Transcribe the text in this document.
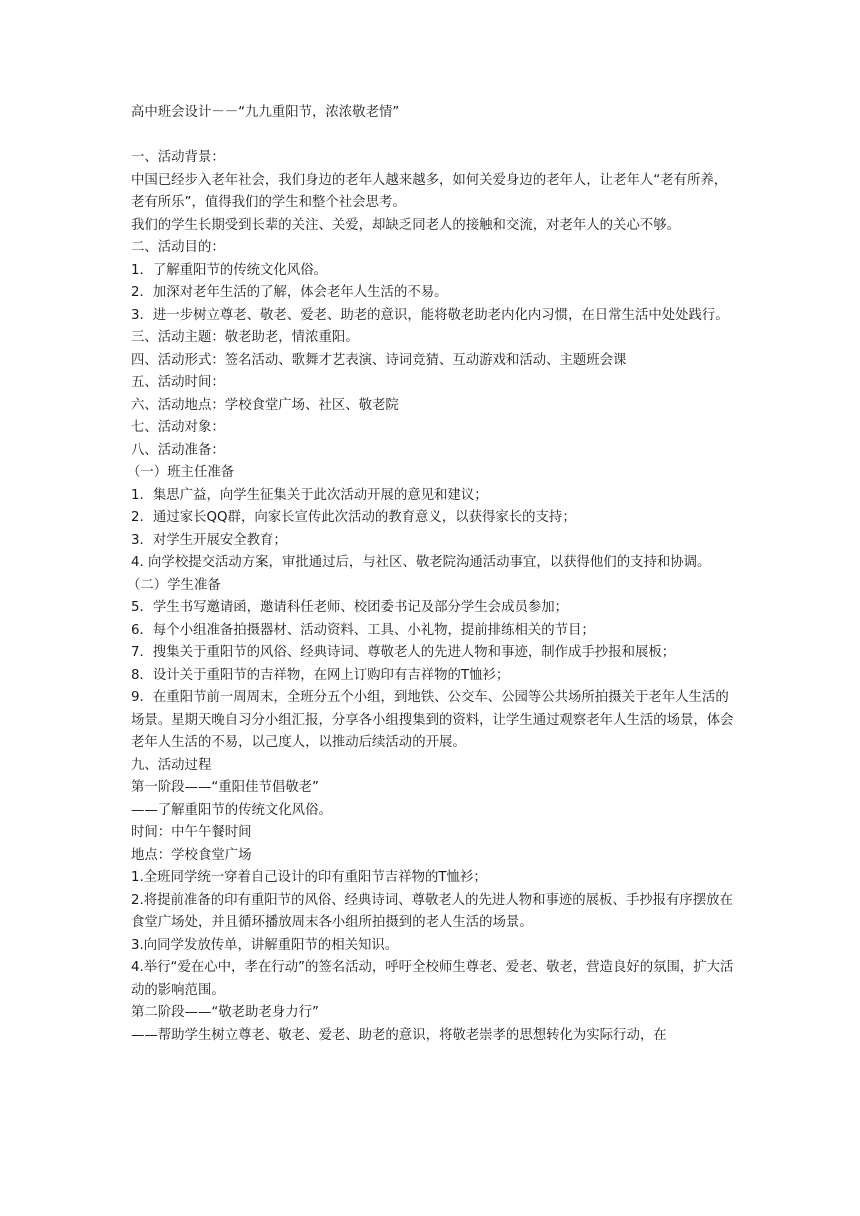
高中班会设计－－“九九重阳节，浓浓敬老情”

一、活动背景：

中国已经步入老年社会，我们身边的老年人越来越多，如何关爱身边的老年人，让老年人“老有所养，老有所乐”，值得我们的学生和整个社会思考。

我们的学生长期受到长辈的关注、关爱，却缺乏同老人的接触和交流，对老年人的关心不够。

二、活动目的：

1．了解重阳节的传统文化风俗。

2．加深对老年生活的了解，体会老年人生活的不易。

3．进一步树立尊老、敬老、爱老、助老的意识，能将敬老助老内化内习惯，在日常生活中处处践行。

三、活动主题：敬老助老，情浓重阳。

四、活动形式：签名活动、歌舞才艺表演、诗词竞猜、互动游戏和活动、主题班会课

五、活动时间：

六、活动地点：学校食堂广场、社区、敬老院

七、活动对象：

八、活动准备：

（一）班主任准备

1．集思广益，向学生征集关于此次活动开展的意见和建议；

2．通过家长QQ群，向家长宣传此次活动的教育意义，以获得家长的支持；

3．对学生开展安全教育；

4. 向学校提交活动方案，审批通过后，与社区、敬老院沟通活动事宜，以获得他们的支持和协调。

（二）学生准备

5．学生书写邀请函，邀请科任老师、校团委书记及部分学生会成员参加；

6．每个小组准备拍摄器材、活动资料、工具、小礼物，提前排练相关的节目；

7．搜集关于重阳节的风俗、经典诗词、尊敬老人的先进人物和事迹，制作成手抄报和展板；

8．设计关于重阳节的吉祥物，在网上订购印有吉祥物的T恤衫；

9．在重阳节前一周周末，全班分五个小组，到地铁、公交车、公园等公共场所拍摄关于老年人生活的场景。星期天晚自习分小组汇报，分享各小组搜集到的资料，让学生通过观察老年人生活的场景，体会老年人生活的不易，以己度人，以推动后续活动的开展。

九、活动过程

第一阶段——“重阳佳节倡敬老”

——了解重阳节的传统文化风俗。

时间：中午午餐时间

地点：学校食堂广场

1.全班同学统一穿着自己设计的印有重阳节吉祥物的T恤衫；

2.将提前准备的印有重阳节的风俗、经典诗词、尊敬老人的先进人物和事迹的展板、手抄报有序摆放在食堂广场处，并且循环播放周末各小组所拍摄到的老人生活的场景。

3.向同学发放传单，讲解重阳节的相关知识。

4.举行“爱在心中，孝在行动”的签名活动，呼吁全校师生尊老、爱老、敬老，营造良好的氛围，扩大活动的影响范围。

第二阶段——“敬老助老身力行”

——帮助学生树立尊老、敬老、爱老、助老的意识，将敬老崇孝的思想转化为实际行动，在
